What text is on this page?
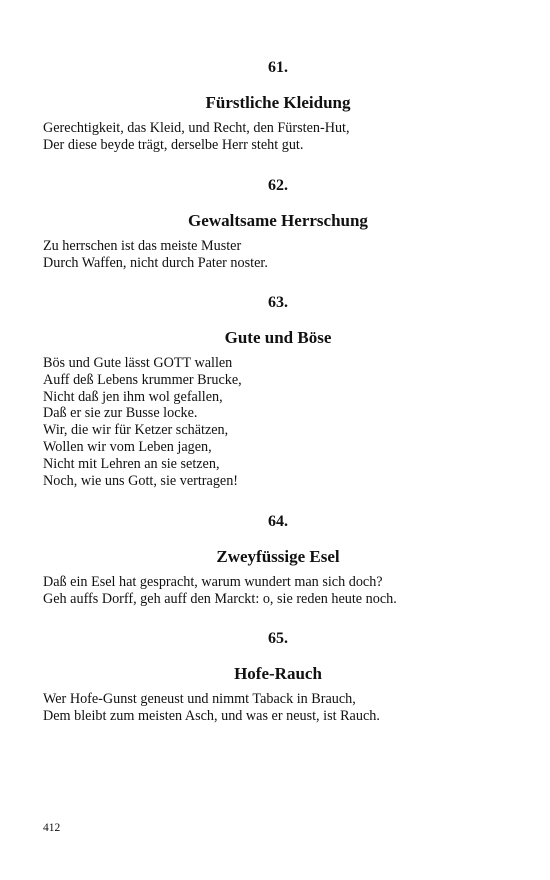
61.

Fürstliche Kleidung

Gerechtigkeit, das Kleid, und Recht, den Fürsten-Hut,

Der diese beyde trägt, derselbe Herr steht gut.

62.

Gewaltsame Herrschung

Zu herrschen ist das meiste Muster

Durch Waffen, nicht durch Pater noster.

63.

Gute und Böse

Bös und Gute lässt GOTT wallen

Auff deß Lebens krummer Brucke,

Nicht daß jen ihm wol gefallen,

Daß er sie zur Busse locke.

Wir, die wir für Ketzer schätzen,

Wollen wir vom Leben jagen,

Nicht mit Lehren an sie setzen,

Noch, wie uns Gott, sie vertragen!

64.

Zweyfüssige Esel

Daß ein Esel hat gespracht, warum wundert man sich doch?

Geh auffs Dorff, geh auff den Marckt: o, sie reden heute noch.

65.

Hofe-Rauch

Wer Hofe-Gunst geneust und nimmt Taback in Brauch,

Dem bleibt zum meisten Asch, und was er neust, ist Rauch.

412
